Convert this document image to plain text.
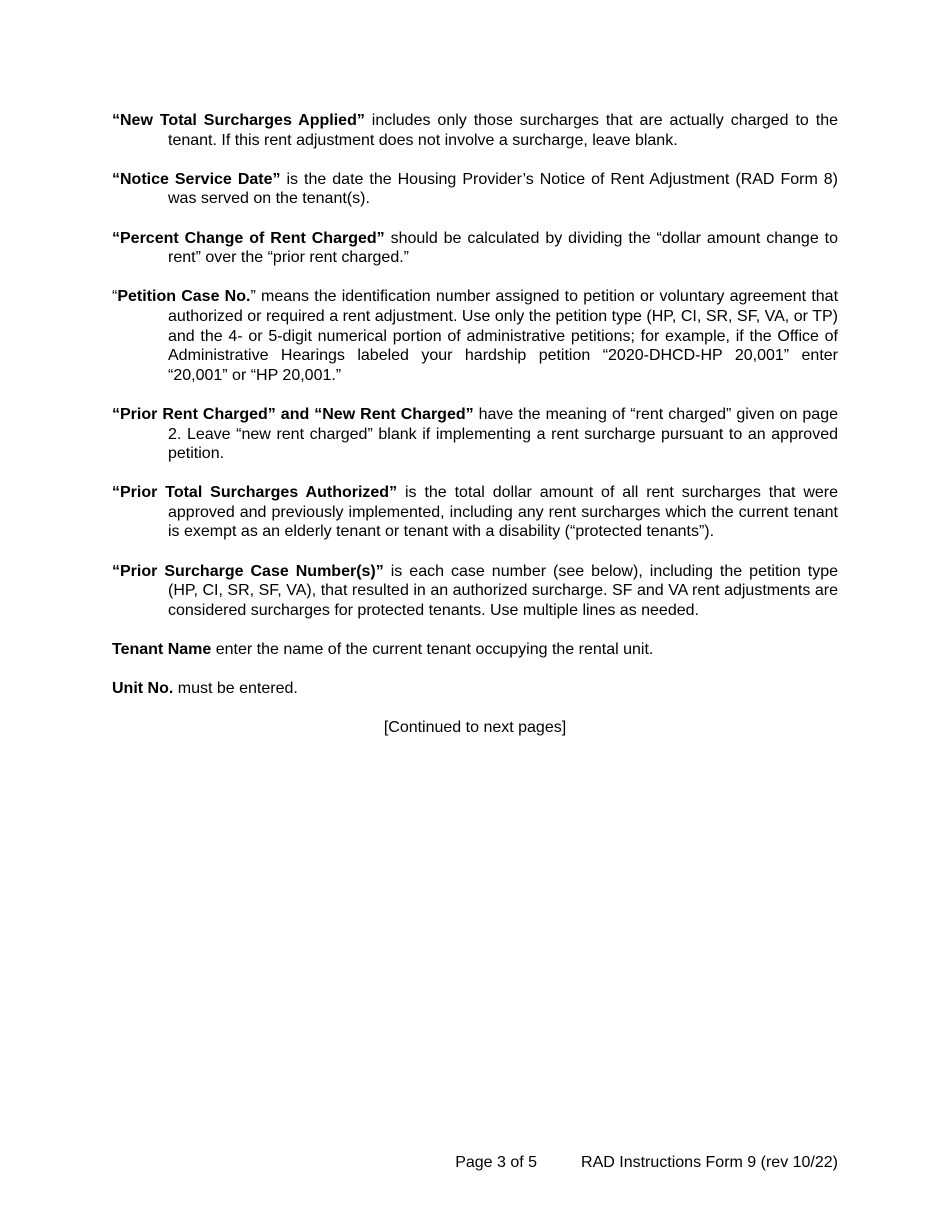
“New Total Surcharges Applied” includes only those surcharges that are actually charged to the tenant. If this rent adjustment does not involve a surcharge, leave blank.

“Notice Service Date” is the date the Housing Provider’s Notice of Rent Adjustment (RAD Form 8) was served on the tenant(s).

“Percent Change of Rent Charged” should be calculated by dividing the “dollar amount change to rent” over the “prior rent charged.”

“Petition Case No.” means the identification number assigned to petition or voluntary agreement that authorized or required a rent adjustment. Use only the petition type (HP, CI, SR, SF, VA, or TP) and the 4- or 5-digit numerical portion of administrative petitions; for example, if the Office of Administrative Hearings labeled your hardship petition “2020-DHCD-HP 20,001” enter “20,001” or “HP 20,001.”

“Prior Rent Charged” and “New Rent Charged” have the meaning of “rent charged” given on page 2. Leave “new rent charged” blank if implementing a rent surcharge pursuant to an approved petition.

“Prior Total Surcharges Authorized” is the total dollar amount of all rent surcharges that were approved and previously implemented, including any rent surcharges which the current tenant is exempt as an elderly tenant or tenant with a disability (“protected tenants”).

“Prior Surcharge Case Number(s)” is each case number (see below), including the petition type (HP, CI, SR, SF, VA), that resulted in an authorized surcharge. SF and VA rent adjustments are considered surcharges for protected tenants. Use multiple lines as needed.

Tenant Name enter the name of the current tenant occupying the rental unit.

Unit No. must be entered.

[Continued to next pages]

Page 3 of 5	RAD Instructions Form 9 (rev 10/22)
